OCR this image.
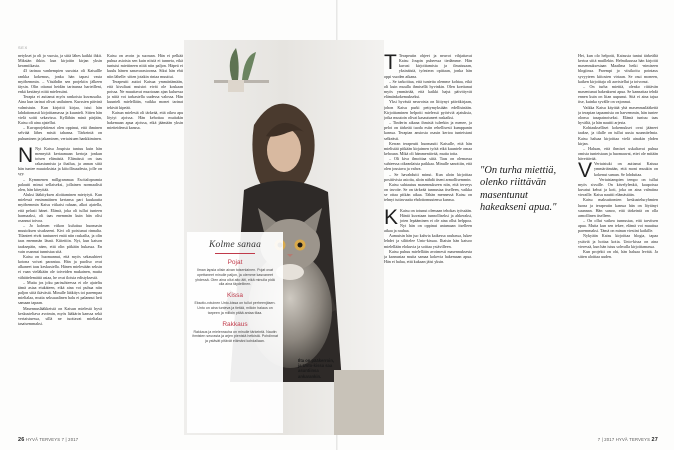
SEX
Kolme sanaa
Pojat
Ilman lapsia olisin aivan toisenlainen. Pojat ovat opettaneet minulle paljon, ja olemme kasvaneet yhdessä. Olen aina ollut aito äiti, eikä minulla pidä olla aina täydellinen.
Kissa
Eksotic-rotuinen Unto-kissa on tullut perheenjäsen. Unto on aina tunteva ja tietää, milloin halaus on tarpeen ja milloin pitää antaa tilaa.
Rakkaus
Rakkaus ja mielenrauha on minulle tärkeintä. Nautin ihmisten seurasta ja arjen pienistä hetkistä. Pohdinnat ja ystävät pitävät elämäni kohdallaan.
Ilta on pääkerroin, ja Unto-kissa saa asuntiinsa ankarankin.

netykset ja oli jo vuosia, ja siitä lähes kaikki ihkit. Miksiän ihkin. kun kirjoitin kirjan yksin keramiikasta.

43 tarinaa vanhempien suruista oli Kaisallle rankka kokemus, jonka hän tapasi vasta myöhemmin. – Väsähdin sen projektin jälkeen täysin. Olin ottanut heidän tarinansa harteilleni, enkä kestänyt niitä mielessäni.

Terapia ei auttanut myös rankoista kuvausalta. Aina kun tarinat olivat uniluinen. Kurssien päivinä valmistuin. Kun kirjoitti kirjaa, istui hän lahdattomasti kirjoittamassa ja kuunteli. Sitten hän vielä soitti sekavissa. Kyllähän minä pärjään, Kaisu oli aina ajatellut.

– Kuvaprojektienzi olen oppinut, että ihminen selviää lähes mistä tahansa. Tärkeintä on puhuminen ja jakaminen, vertaistuen hankkiminen.

N Nyt Kaisu Joupista tuntuu kuin hän mennyttä kertaamaan kertoja jonkun toisen elämästä. Elämässä on taas rakastumista ja ihailua, ja annan siitä hän tuntee muutoksista ja kiitollisuudesta, jolle on syy.

– Kymmenen millgrammaa Escitalopramia palautti minut sellaiseksi, jollainen normaalisti olen, hän kiteyttää.

Aluksi lääkityksen aloittaminen mietytyti. Kun mielessä ensimmäinen kertansa pari kuukautta myöhemmin Kaisu viikaisi rahaan, alkoi ajatella, että pelasti hänet. Elämä, joka oli tullut tunteen harmaaksi, oli taas enemmän kuin hän olisi osannut toivoa.

– Jo kolmen viikon kuluttua huomasin muutoksen sisukseeni. Kivi oli poistunut rinnalta. Tilanteet eivät tuntuneet enää niin raskailta, ja olin taas enemmän läsnä. Kiitettiin. Nyt, kun katson taaksepäin, näen, että olin pitkään hukassa. En vain osannut tunnistaa sitä.

Kaisu on huomannut, että myös sekasuhteet kotona voivat parantua. Hän ja puoliso ovat alkaneet taas keskustella. Hänen mielestään seksin ei vaan vieläkään ole toiveiden mukainen, mutta vähättelemättä asiaa, he ovat iloisia edistyksestä.

– Mutta jos joku parisuhteessa ei ole ajateltu tämä asiaa etukäteen, eikä aina voi puhua niin paljon siitä ikävästä. Minulle lääkitys toi parempaa mielialaa, mutta seksuaalinen halu ei palannut heti samaan tapaan.

Masennuslääkkeistä on Kaisun mielestä hyvä keskusteltava avoimin, myös lääkärin kanssa sekä vertaistuessa, sillä ne tuottavat mielialaa tasaisemmaksi.

Kaisu on avoin ja suoraan. Hän ei pelkää puhua asioista sen kuin niistä ei tunneta, eikä tuntuisi miettineen niitä niin paljon. Häpeä ei kuulu hänen sanavarastoonsa. Siksi hän ehti niin lähelle: sitten jotakin rintaa muuttui.

Terapeutti auttoi Kaisua ymmärtämään, että kivuliaat muistot eivät ole koskaan poissa. Ne muuttavat muotoaan ajan kuluessa ja niitä voi tarkastella uudessa valossa. Hän kuunteli mielellään, vaikka monet tarinat tekivät kipeää.

Kaisun mielestä oli tärkeää, että oikea apu löytyi ajoissa. Hän kehottaa muitakin hakemaan apua ajoissa, eikä jäämään yksin mietteidensä kanssa.

T Terapeutin ohjeet ja neuvot vihjattavat Kaisu Joupin puheessa tiedämme. Hän kuvasi kirjoittamista ja ilmaisuaan, yksinäistä, työnteon opittaan, jonka hän oppi vuoden aikana.

– Se tarkoittaa, että tunteita olemme kohtaa, eikä oli kuin muulla ihmisellä hyvinkin. Olen koettanut myös ymmärtää, että kaikki hajut päivittyvät elämänkokemukseksi.

Yksi hyvästä neuvoista on liittynyt päiväkirjaan, johon Kaisu purki pettymyksiään edellisinään. Kirjoittaminen helpotti mielessä pyöriviä ajatuksia, jotka muutoin olivat kasautuneet raskaiksi.

– Tinderin aikana ihmisiä tuleekin ja menee, ja pelot on tärkeää tuoda esiin rehellisesti kumppanin kanssa. Terapian ansiosta osasin kertoa tunteistani selkeästi.

Kerran terapeutti huomautti Kaisulle, että hän mielistää pitkään kirjaimen työtä eikä kuuntele omaa kehoaan. Mikä oli hämmentävää, mutta totta.

– Oli kiva ilmoittaa siitä. Taas on olemassa suhteessa oikeanlaista paikkaa. Minulle sanottiin, että olen joustava ja vahva.

– Se havahdutti minut. Kun aloin kirjoittaa positiivisia asioita, aloin nähdä itseni armollisemmin.

Kaisu suhtautuu masennukseen niin, että terveys on tavoite. Se on tärkeää tunnustaa itselleen, vaikka se ottaa pitkän aikaa. Tähän mennessä Kaisu on tehnyt tuttavuutta ehdottomuutensa kanssa.

K Kaisu on totunut olemaan tehokas työssään. Häntä kuvataan tunnolliseksi ja ahkeraksi, joten lepääminen ei ole aina ollut helppoa. Nyt hän on oppinut antamaan itselleen aikaa ja rauhaa.

Aamuisin hän juo kahvia kaikessa rauhassa, lukee lehdet ja silittelee Unto-kissaa. Iltaisin hän katsoo mielellään elokuvia ja soittaa ystävilleen.

Kaisu puhuu mielellään avoimesti masennuksesta ja kannustaa muita samaa kokevia hakemaan apua. Hän ei halua, että kukaan jäisi yksin.

"On turha miettiä, olenko riittävän masentunut hakeakseni apua."

Hei, kun olo helpotti, Kaisusta tuntui tärkeältä kertoa siitä muillekin. Helmikuussa hän kirjoitti masennuksestaan Maailma hetki -nimiseen blogiinsa. Parempi jo viisikoitu pointaus syvyyteen kiitosten virtaan. Se osui moneen, kaiken kirjoittaja oli aavistellut ja toivonut.

– On turha miettiä, olenko riittävän masentunut hakeakseni apua. Se kannattaa tehdä ennen kuin on liian uupunut. Sitä ei aina tajua itse, kuinka syvälle on vajonnut.

Vaikka Kaisu käyttää yhä masennuslääkettä ja terapian tapaamisia on harvemmin, hän tuntee olonsa tasapainoiseksi. Elämä tuntuu taas hyvältä, ja hän nauttii arjesta.

Kohtaukselliset kokemukset ovat jääneet taakse, ja tilalle on tullut uusia suunnitelmia. Kaisu haluaa kirjoittaa vielä ainakin yhden kirjan.

– Haluan, että ihmiset uskaltavat puhua omista tunteistaan ja huomaavat, ettei ole mitään hävettävää.

V Vertaistuki on auttanut Kaisua ymmärtämään, että moni muukin on kokenut saman. Se lohduttaa.

Vertaisiampien tempo on tullut myös sivuille. On kävelylenkit, kaupoissa kuvatut kehut ja koti, joka on aina valmiina vieraille. Kaisu nauttii elämästään.

Kaisu maksuttomien keskusteluryhmien luona ja terapeutin kanssa hän on löytänyt suunnan. Hän sanoo, että tärkeintä on olla armollinen itselleen.

– On ollut vaikea tunnustaa, että tarvitsen apua. Mutta kun sen tekee, elämä voi muuttua paremmaksi. Tämä on minun viestini kaikille.

Nykyään Kaisu kirjoittaa blogia, tapaa ystäviä ja hoitaa kotia. Unto-kissa on aina vieressä, kun hän istuu sohvalla kirjoittamassa.

Kun projekti on ohi, hän haluaa levätä. Ja sitten aloittaa uuden.

26 HYVÄ TERVEYS 7 | 2017	7 | 2017 HYVÄ TERVEYS 27
